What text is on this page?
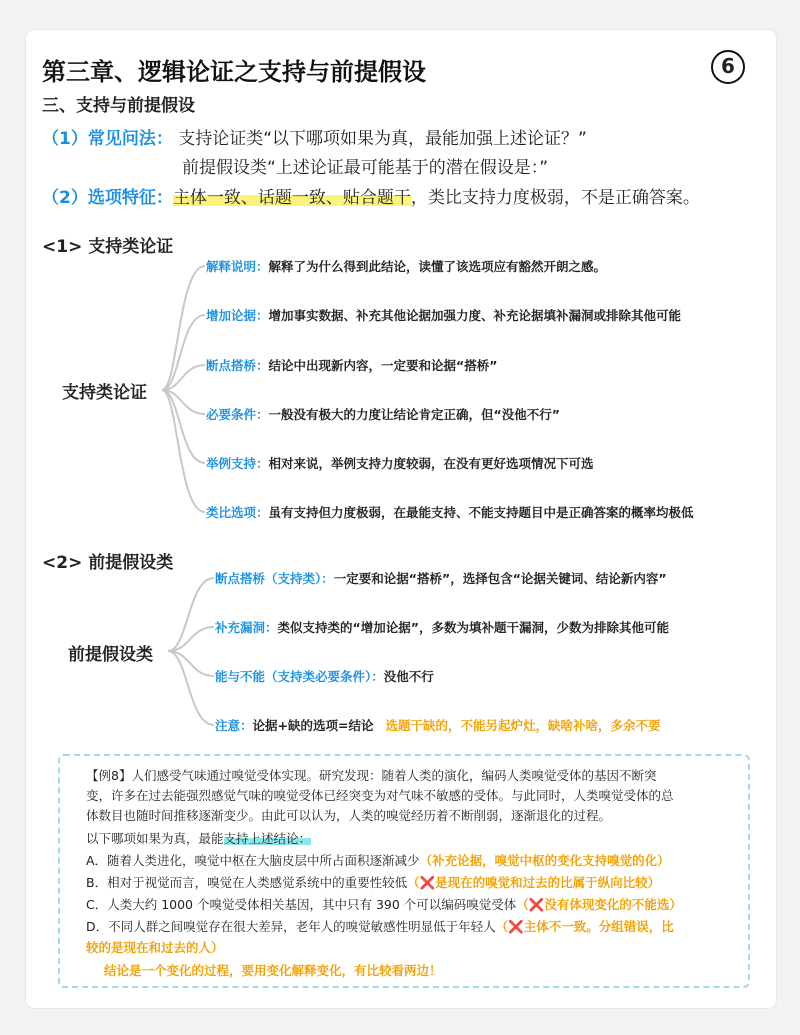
第三章、逻辑论证之支持与前提假设	6
三、支持与前提假设
（1）常见问法： 支持论证类“以下哪项如果为真，最能加强上述论证？”
前提假设类“上述论证最可能基于的潜在假设是：”
（2）选项特征：主体一致、话题一致、贴合题干，类比支持力度极弱，不是正确答案。
<1> 支持类论证
支持类论证
解释说明：解释了为什么得到此结论，读懂了该选项应有豁然开朗之感。
增加论据：增加事实数据、补充其他论据加强力度、补充论据填补漏洞或排除其他可能
断点搭桥：结论中出现新内容，一定要和论据“搭桥”
必要条件：一般没有极大的力度让结论肯定正确，但“没他不行”
举例支持：相对来说，举例支持力度较弱，在没有更好选项情况下可选
类比选项：虽有支持但力度极弱，在最能支持、不能支持题目中是正确答案的概率均极低
<2> 前提假设类
前提假设类
断点搭桥（支持类）：一定要和论据“搭桥”，选择包含“论据关键词、结论新内容”
补充漏洞：类似支持类的“增加论据”，多数为填补题干漏洞，少数为排除其他可能
能与不能（支持类必要条件）：没他不行
注意：论据+缺的选项=结论 选题干缺的，不能另起炉灶，缺啥补啥，多余不要
【例8】人们感受气味通过嗅觉受体实现。研究发现：随着人类的演化，编码人类嗅觉受体的基因不断突
变，许多在过去能强烈感觉气味的嗅觉受体已经突变为对气味不敏感的受体。与此同时，人类嗅觉受体的总
体数目也随时间推移逐渐变少。由此可以认为，人类的嗅觉经历着不断削弱，逐渐退化的过程。
以下哪项如果为真，最能支持上述结论：
A．随着人类进化，嗅觉中枢在大脑皮层中所占面积逐渐减少（补充论据，嗅觉中枢的变化支持嗅觉的化）
B．相对于视觉而言，嗅觉在人类感觉系统中的重要性较低（❌是现在的嗅觉和过去的比属于纵向比较）
C．人类大约 1000 个嗅觉受体相关基因，其中只有 390 个可以编码嗅觉受体（❌没有体现变化的不能选）
D．不同人群之间嗅觉存在很大差异，老年人的嗅觉敏感性明显低于年轻人（❌主体不一致。分组错误，比
较的是现在和过去的人）
结论是一个变化的过程，要用变化解释变化，有比较看两边！
